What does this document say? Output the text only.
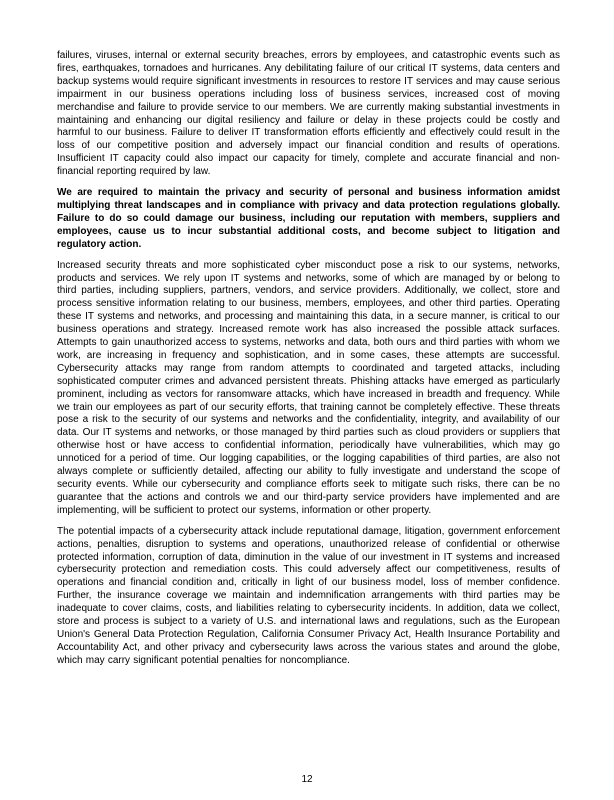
failures, viruses, internal or external security breaches, errors by employees, and catastrophic events such as fires, earthquakes, tornadoes and hurricanes. Any debilitating failure of our critical IT systems, data centers and backup systems would require significant investments in resources to restore IT services and may cause serious impairment in our business operations including loss of business services, increased cost of moving merchandise and failure to provide service to our members. We are currently making substantial investments in maintaining and enhancing our digital resiliency and failure or delay in these projects could be costly and harmful to our business. Failure to deliver IT transformation efforts efficiently and effectively could result in the loss of our competitive position and adversely impact our financial condition and results of operations. Insufficient IT capacity could also impact our capacity for timely, complete and accurate financial and non-financial reporting required by law.

We are required to maintain the privacy and security of personal and business information amidst multiplying threat landscapes and in compliance with privacy and data protection regulations globally. Failure to do so could damage our business, including our reputation with members, suppliers and employees, cause us to incur substantial additional costs, and become subject to litigation and regulatory action.

Increased security threats and more sophisticated cyber misconduct pose a risk to our systems, networks, products and services. We rely upon IT systems and networks, some of which are managed by or belong to third parties, including suppliers, partners, vendors, and service providers. Additionally, we collect, store and process sensitive information relating to our business, members, employees, and other third parties. Operating these IT systems and networks, and processing and maintaining this data, in a secure manner, is critical to our business operations and strategy. Increased remote work has also increased the possible attack surfaces. Attempts to gain unauthorized access to systems, networks and data, both ours and third parties with whom we work, are increasing in frequency and sophistication, and in some cases, these attempts are successful. Cybersecurity attacks may range from random attempts to coordinated and targeted attacks, including sophisticated computer crimes and advanced persistent threats. Phishing attacks have emerged as particularly prominent, including as vectors for ransomware attacks, which have increased in breadth and frequency. While we train our employees as part of our security efforts, that training cannot be completely effective. These threats pose a risk to the security of our systems and networks and the confidentiality, integrity, and availability of our data. Our IT systems and networks, or those managed by third parties such as cloud providers or suppliers that otherwise host or have access to confidential information, periodically have vulnerabilities, which may go unnoticed for a period of time. Our logging capabilities, or the logging capabilities of third parties, are also not always complete or sufficiently detailed, affecting our ability to fully investigate and understand the scope of security events. While our cybersecurity and compliance efforts seek to mitigate such risks, there can be no guarantee that the actions and controls we and our third-party service providers have implemented and are implementing, will be sufficient to protect our systems, information or other property.

The potential impacts of a cybersecurity attack include reputational damage, litigation, government enforcement actions, penalties, disruption to systems and operations, unauthorized release of confidential or otherwise protected information, corruption of data, diminution in the value of our investment in IT systems and increased cybersecurity protection and remediation costs. This could adversely affect our competitiveness, results of operations and financial condition and, critically in light of our business model, loss of member confidence. Further, the insurance coverage we maintain and indemnification arrangements with third parties may be inadequate to cover claims, costs, and liabilities relating to cybersecurity incidents. In addition, data we collect, store and process is subject to a variety of U.S. and international laws and regulations, such as the European Union's General Data Protection Regulation, California Consumer Privacy Act, Health Insurance Portability and Accountability Act, and other privacy and cybersecurity laws across the various states and around the globe, which may carry significant potential penalties for noncompliance.

12
